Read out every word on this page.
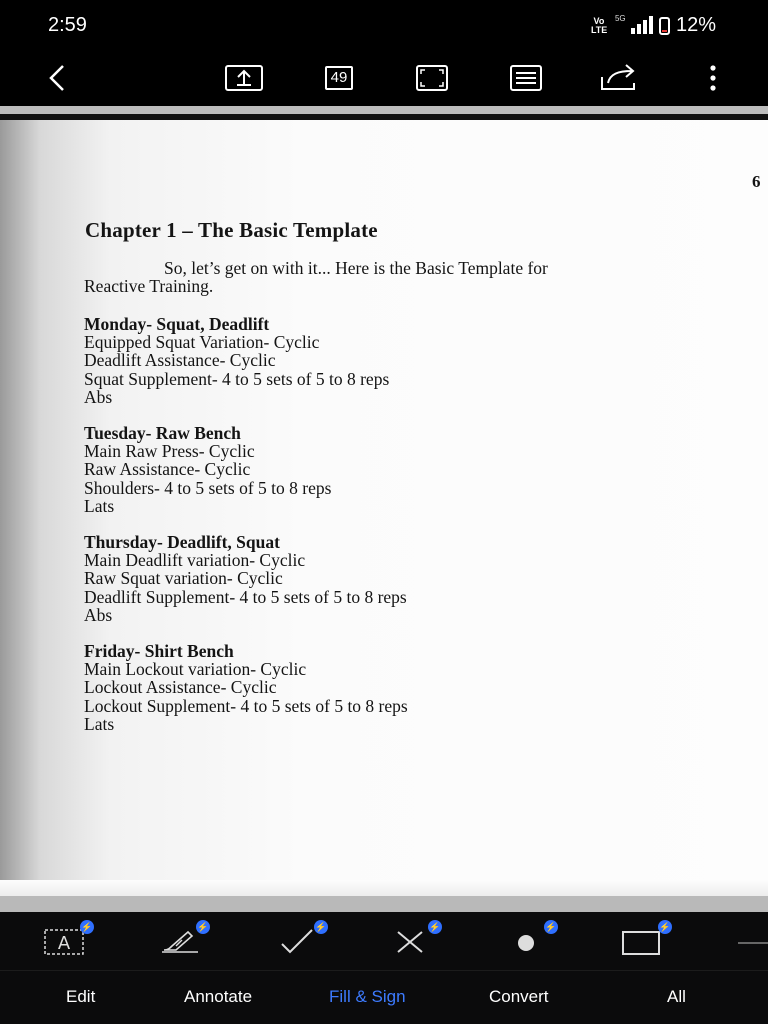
2:59	Vo LTE
5G	12%
49
6
Chapter 1 – The Basic Template
So, let’s get on with it... Here is the Basic Template for
Reactive Training.
Monday- Squat, Deadlift
Equipped Squat Variation- Cyclic
Deadlift Assistance- Cyclic
Squat Supplement- 4 to 5 sets of 5 to 8 reps
Abs
Tuesday- Raw Bench
Main Raw Press- Cyclic
Raw Assistance- Cyclic
Shoulders- 4 to 5 sets of 5 to 8 reps
Lats
Thursday- Deadlift, Squat
Main Deadlift variation- Cyclic
Raw Squat variation- Cyclic
Deadlift Supplement- 4 to 5 sets of 5 to 8 reps
Abs
Friday- Shirt Bench
Main Lockout variation- Cyclic
Lockout Assistance- Cyclic
Lockout Supplement- 4 to 5 sets of 5 to 8 reps
Lats
A
⚡	⚡	⚡	⚡	⚡	⚡
Edit	Annotate	Fill & Sign	Convert	All
